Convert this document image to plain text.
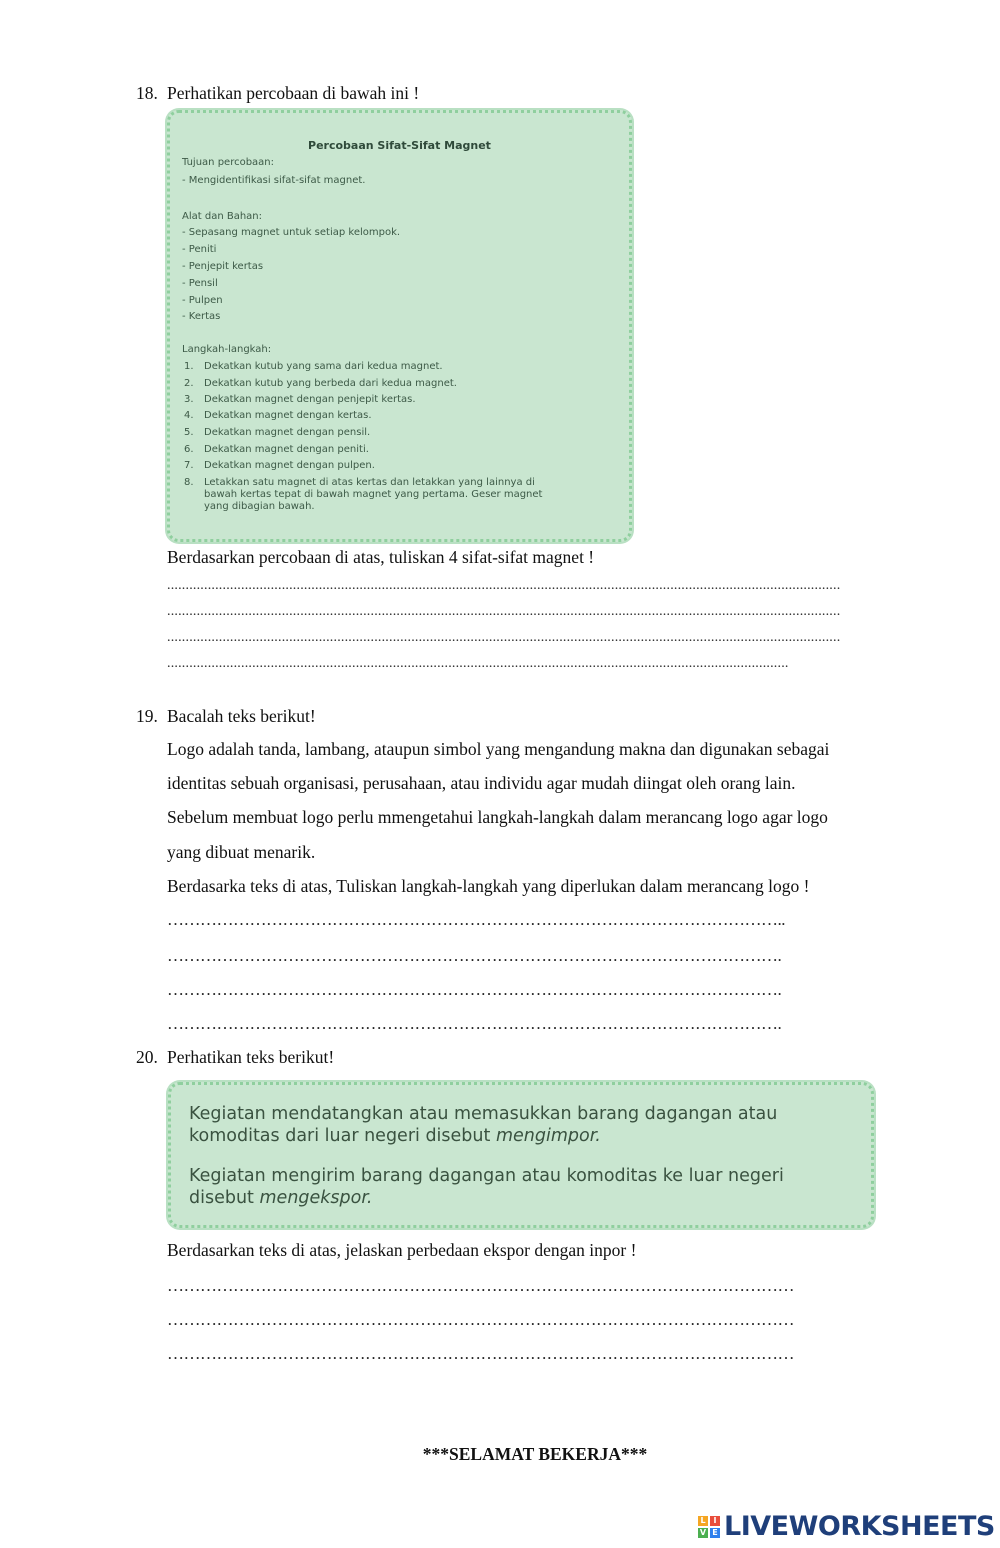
18. Perhatikan percobaan di bawah ini !
Percobaan Sifat-Sifat Magnet
Tujuan percobaan:
- Mengidentifikasi sifat-sifat magnet.
Alat dan Bahan:
- Sepasang magnet untuk setiap kelompok.
- Peniti
- Penjepit kertas
- Pensil
- Pulpen
- Kertas
Langkah-langkah:
1. Dekatkan kutub yang sama dari kedua magnet.
2. Dekatkan kutub yang berbeda dari kedua magnet.
3. Dekatkan magnet dengan penjepit kertas.
4. Dekatkan magnet dengan kertas.
5. Dekatkan magnet dengan pensil.
6. Dekatkan magnet dengan peniti.
7. Dekatkan magnet dengan pulpen.
8. Letakkan satu magnet di atas kertas dan letakkan yang lainnya di
bawah kertas tepat di bawah magnet yang pertama. Geser magnet
yang dibagian bawah.
Berdasarkan percobaan di atas, tuliskan 4 sifat-sifat magnet !
......................................................................................................................................................................................
......................................................................................................................................................................................
......................................................................................................................................................................................
........................................................................................................................................................................
19. Bacalah teks berikut!
Logo adalah tanda, lambang, ataupun simbol yang mengandung makna dan digunakan sebagai
identitas sebuah organisasi, perusahaan, atau individu agar mudah diingat oleh orang lain.
Sebelum membuat logo perlu mmengetahui langkah-langkah dalam merancang logo agar logo
yang dibuat menarik.
Berdasarka teks di atas, Tuliskan langkah-langkah yang diperlukan dalam merancang logo !
…………………………………………………………………………………………………..
………………………………………………………………………………………………….
………………………………………………………………………………………………….
………………………………………………………………………………………………….
20. Perhatikan teks berikut!
Kegiatan mendatangkan atau memasukkan barang dagangan atau
komoditas dari luar negeri disebut mengimpor.
Kegiatan mengirim barang dagangan atau komoditas ke luar negeri
disebut mengekspor.
Berdasarkan teks di atas, jelaskan perbedaan ekspor dengan inpor !
……………………………………………………………………………………………………
……………………………………………………………………………………………………
……………………………………………………………………………………………………
***SELAMAT BEKERJA***
L I
V E LIVEWORKSHEETS
